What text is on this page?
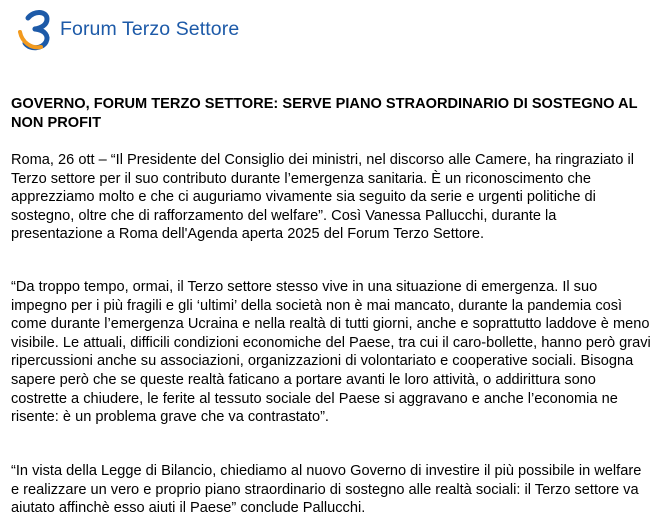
Forum Terzo Settore
GOVERNO, FORUM TERZO SETTORE: SERVE PIANO STRAORDINARIO DI SOSTEGNO AL NON PROFIT

Roma, 26 ott – “Il Presidente del Consiglio dei ministri, nel discorso alle Camere, ha ringraziato il Terzo settore per il suo contributo durante l’emergenza sanitaria. È un riconoscimento che apprezziamo molto e che ci auguriamo vivamente sia seguito da serie e urgenti politiche di sostegno, oltre che di rafforzamento del welfare”. Così Vanessa Pallucchi, durante la presentazione a Roma dell'Agenda aperta 2025 del Forum Terzo Settore.

“Da troppo tempo, ormai, il Terzo settore stesso vive in una situazione di emergenza. Il suo impegno per i più fragili e gli ‘ultimi’ della società non è mai mancato, durante la pandemia così come durante l’emergenza Ucraina e nella realtà di tutti giorni, anche e soprattutto laddove è meno visibile. Le attuali, difficili condizioni economiche del Paese, tra cui il caro-bollette, hanno però gravi ripercussioni anche su associazioni, organizzazioni di volontariato e cooperative sociali. Bisogna sapere però che se queste realtà faticano a portare avanti le loro attività, o addirittura sono costrette a chiudere, le ferite al tessuto sociale del Paese si aggravano e anche l’economia ne risente: è un problema grave che va contrastato”.

“In vista della Legge di Bilancio, chiediamo al nuovo Governo di investire il più possibile in welfare e realizzare un vero e proprio piano straordinario di sostegno alle realtà sociali: il Terzo settore va aiutato affinchè esso aiuti il Paese” conclude Pallucchi.
